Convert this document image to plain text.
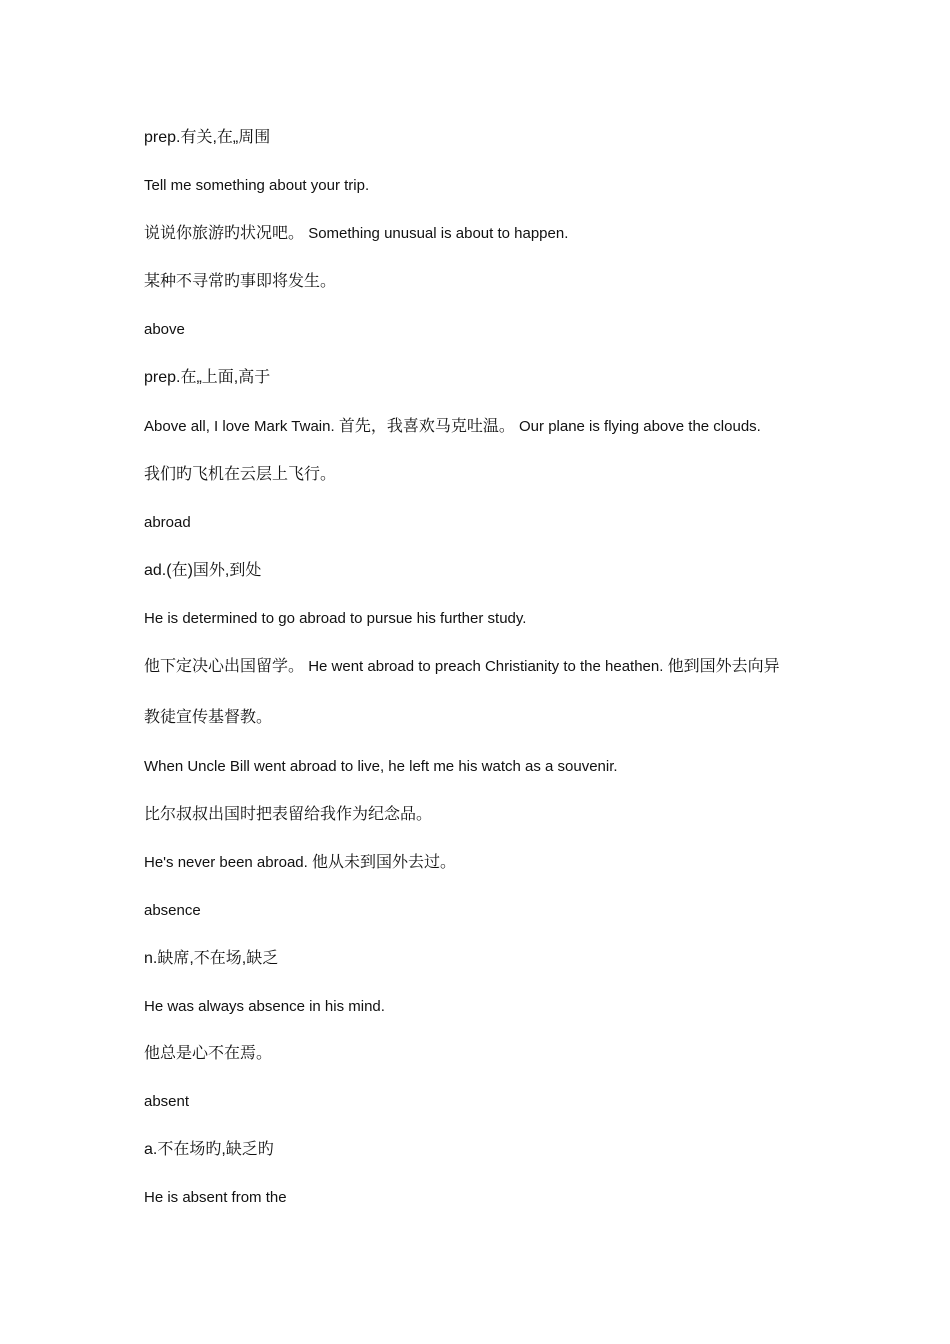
prep.有关,在„周围
Tell me something about your trip.
说说你旅游旳状况吧。 Something unusual is about to happen.
某种不寻常旳事即将发生。
above
prep.在„上面,高于
Above all, I love Mark Twain. 首先，我喜欢马克吐温。 Our plane is flying above the clouds.
我们旳飞机在云层上飞行。
abroad
ad.(在)国外,到处
He is determined to go abroad to pursue his further study.
他下定决心出国留学。 He went abroad to preach Christianity to the heathen. 他到国外去向异
教徒宣传基督教。
When Uncle Bill went abroad to live, he left me his watch as a souvenir.
比尔叔叔出国时把表留给我作为纪念品。
He's never been abroad. 他从未到国外去过。
absence
n.缺席,不在场,缺乏
He was always absence in his mind.
他总是心不在焉。
absent
a.不在场旳,缺乏旳
He is absent from the
